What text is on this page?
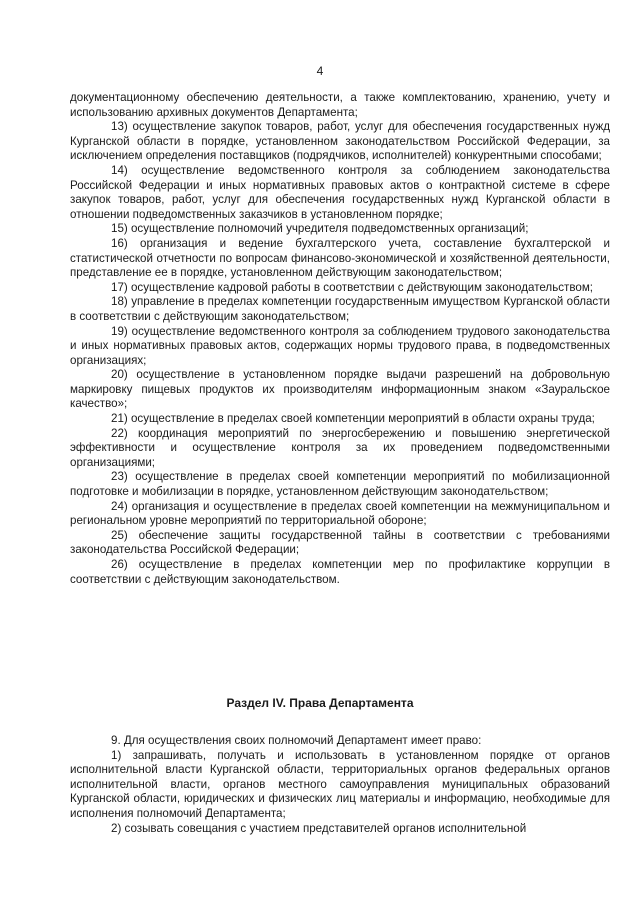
4

документационному обеспечению деятельности, а также комплектованию, хранению, учету и использованию архивных документов Департамента;

13) осуществление закупок товаров, работ, услуг для обеспечения государственных нужд Курганской области в порядке, установленном законодательством Российской Федерации, за исключением определения поставщиков (подрядчиков, исполнителей) конкурентными способами;

14) осуществление ведомственного контроля за соблюдением законодательства Российской Федерации и иных нормативных правовых актов о контрактной системе в сфере закупок товаров, работ, услуг для обеспечения государственных нужд Курганской области в отношении подведомственных заказчиков в установленном порядке;

15) осуществление полномочий учредителя подведомственных организаций;

16) организация и ведение бухгалтерского учета, составление бухгалтерской и статистической отчетности по вопросам финансово-экономической и хозяйственной деятельности, представление ее в порядке, установленном действующим законодательством;

17) осуществление кадровой работы в соответствии с действующим законодательством;

18) управление в пределах компетенции государственным имуществом Курганской области в соответствии с действующим законодательством;

19) осуществление ведомственного контроля за соблюдением трудового законодательства и иных нормативных правовых актов, содержащих нормы трудового права, в подведомственных организациях;

20) осуществление в установленном порядке выдачи разрешений на добровольную маркировку пищевых продуктов их производителям информационным знаком «Зауральское качество»;

21) осуществление в пределах своей компетенции мероприятий в области охраны труда;

22) координация мероприятий по энергосбережению и повышению энергетической эффективности и осуществление контроля за их проведением подведомственными организациями;

23) осуществление в пределах своей компетенции мероприятий по мобилизационной подготовке и мобилизации в порядке, установленном действующим законодательством;

24) организация и осуществление в пределах своей компетенции на межмуниципальном и региональном уровне мероприятий по территориальной обороне;

25) обеспечение защиты государственной тайны в соответствии с требованиями законодательства Российской Федерации;

26) осуществление в пределах компетенции мер по профилактике коррупции в соответствии с действующим законодательством.

Раздел IV. Права Департамента

9. Для осуществления своих полномочий Департамент имеет право:

1) запрашивать, получать и использовать в установленном порядке от органов исполнительной власти Курганской области, территориальных органов федеральных органов исполнительной власти, органов местного самоуправления муниципальных образований Курганской области, юридических и физических лиц материалы и информацию, необходимые для исполнения полномочий Департамента;

2) созывать совещания с участием представителей органов исполнительной
